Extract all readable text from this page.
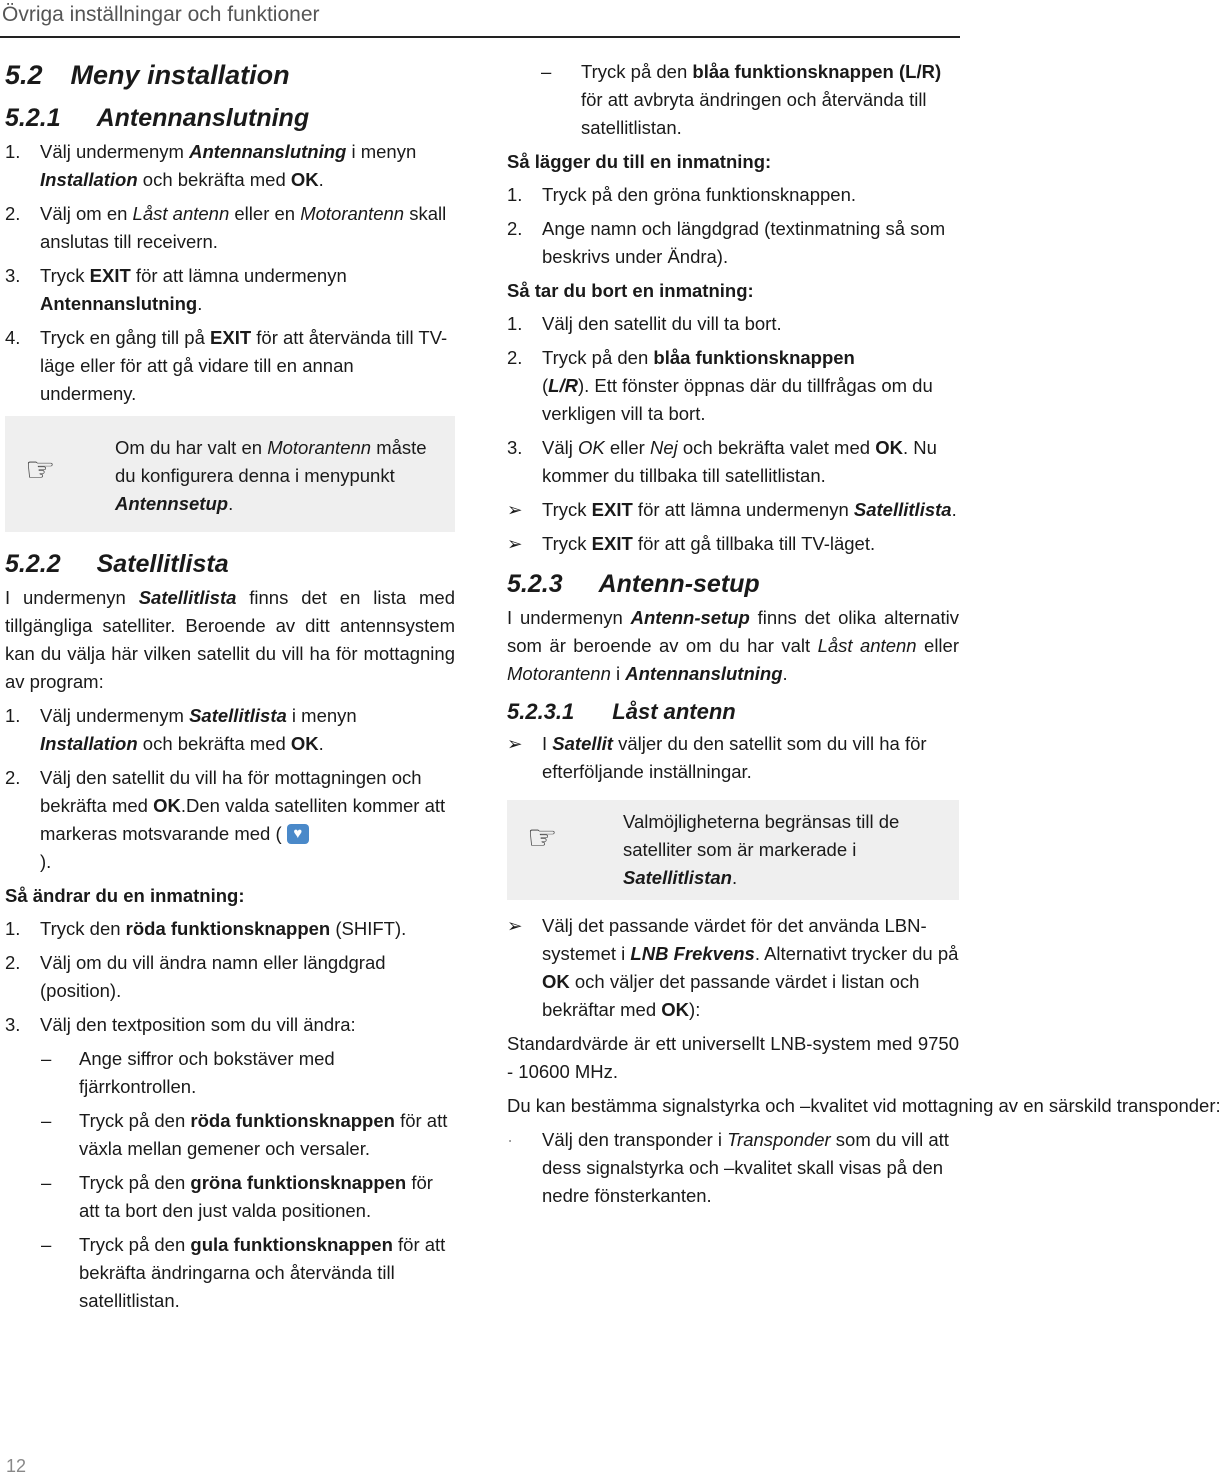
Övriga inställningar och funktioner
5.2 Meny installation
5.2.1 Antennanslutning
1. Välj undermenym Antennanslutning i menyn Installation och bekräfta med OK.
2. Välj om en Låst antenn eller en Motorantenn skall anslutas till receivern.
3. Tryck EXIT för att lämna undermenyn Antennanslutning.
4. Tryck en gång till på EXIT för att återvända till TV-läge eller för att gå vidare till en annan undermeny.
☞
Om du har valt en Motorantenn måste du konfigurera denna i menypunkt Antennsetup.
5.2.2 Satellitlista

I undermenyn Satellitlista finns det en lista med tillgängliga satelliter. Beroende av ditt antennsystem kan du välja här vilken satellit du vill ha för mottagning av program:

1. Välj undermenym Satellitlista i menyn Installation och bekräfta med OK.
2. Välj den satellit du vill ha för mottagningen och bekräfta med OK.Den valda satelliten kommer att markeras motsvarande med ( ♥
).
Så ändrar du en inmatning:
1. Tryck den röda funktionsknappen (SHIFT).
2. Välj om du vill ändra namn eller längdgrad (position).
3. Välj den textposition som du vill ändra:
– Ange siffror och bokstäver med fjärrkontrollen.
– Tryck på den röda funktionsknappen för att växla mellan gemener och versaler.
– Tryck på den gröna funktionsknappen för att ta bort den just valda positionen.
– Tryck på den gula funktionsknappen för att bekräfta ändringarna och återvända till satellitlistan.
– Tryck på den blåa funktionsknappen (L/R) för att avbryta ändringen och återvända till satellitlistan.
Så lägger du till en inmatning:
1. Tryck på den gröna funktionsknappen.
2. Ange namn och längdgrad (textinmatning så som beskrivs under Ändra).
Så tar du bort en inmatning:
1. Välj den satellit du vill ta bort.
2. Tryck på den blåa funktionsknappen
(L/R). Ett fönster öppnas där du tillfrågas om du verkligen vill ta bort.
3. Välj OK eller Nej och bekräfta valet med OK. Nu kommer du tillbaka till satellitlistan.
➢ Tryck EXIT för att lämna undermenyn Satellitlista.
➢ Tryck EXIT för att gå tillbaka till TV-läget.
5.2.3 Antenn-setup

I undermenyn Antenn-setup finns det olika alternativ som är beroende av om du har valt Låst antenn eller Motorantenn i Antennanslutning.

5.2.3.1 Låst antenn
➢ I Satellit väljer du den satellit som du vill ha för efterföljande inställningar.
☞	Valmöjligheterna begränsas till de satelliter som är markerade i Satellitlistan.
➢ Välj det passande värdet för det använda LBN-systemet i LNB Frekvens. Alternativt trycker du på OK och väljer det passande värdet i listan och bekräftar med OK):

Standardvärde är ett universellt LNB-system med 9750 - 10600 MHz.

Du kan bestämma signalstyrka och –kvalitet vid mottagning av en särskild transponder:

· Välj den transponder i Transponder som du vill att dess signalstyrka och –kvalitet skall visas på den nedre fönsterkanten.
12
